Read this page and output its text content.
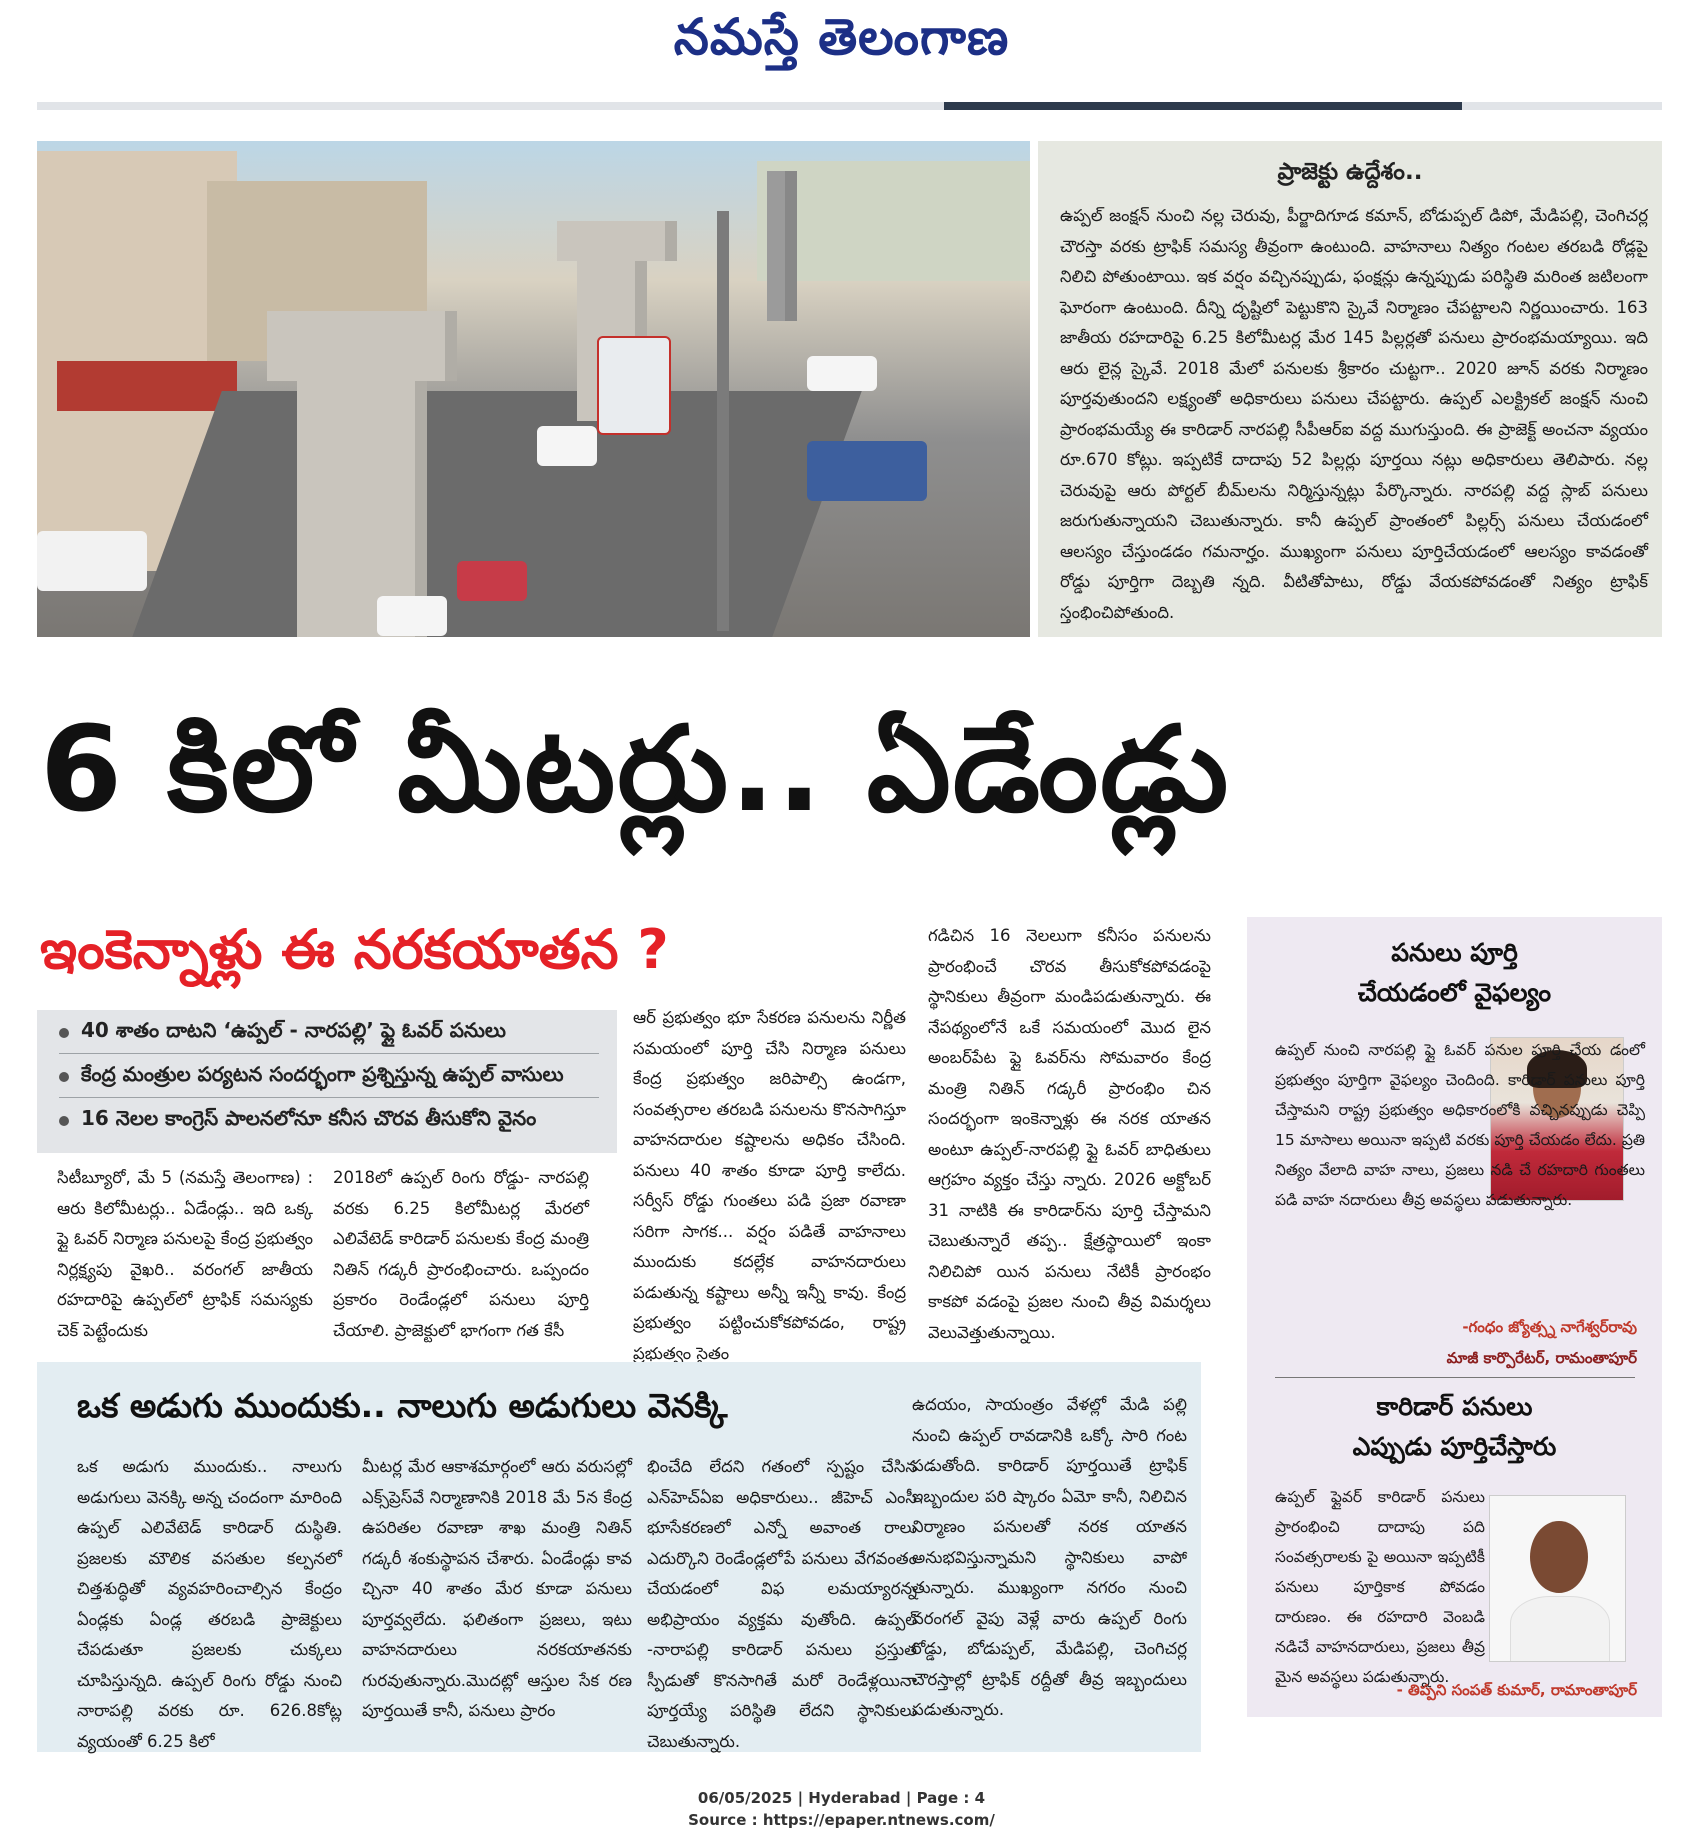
నమస్తే తెలంగాణ
ప్రాజెక్టు ఉద్దేశం..
ఉప్పల్ జంక్షన్ నుంచి నల్ల చెరువు, పీర్జాదిగూడ కమాన్, బోడుప్పల్ డిపో, మేడిపల్లి, చెంగిచర్ల చౌరస్తా వరకు ట్రాఫిక్ సమస్య తీవ్రంగా ఉంటుంది. వాహనాలు నిత్యం గంటల తరబడి రోడ్లపై నిలిచి పోతుంటాయి. ఇక వర్షం వచ్చినప్పుడు, ఫంక్షన్లు ఉన్నప్పుడు పరిస్థితి మరింత జటిలంగా ఘోరంగా ఉంటుంది. దీన్ని దృష్టిలో పెట్టుకొని స్కైవే నిర్మాణం చేపట్టాలని నిర్ణయించారు. 163 జాతీయ రహదారిపై 6.25 కిలోమీటర్ల మేర 145 పిల్లర్లతో పనులు ప్రారంభమయ్యాయి. ఇది ఆరు లైన్ల స్కైవే. 2018 మేలో పనులకు శ్రీకారం చుట్టగా.. 2020 జూన్ వరకు నిర్మాణం పూర్తవుతుందని లక్ష్యంతో అధికారులు పనులు చేపట్టారు. ఉప్పల్ ఎలక్ట్రికల్ జంక్షన్ నుంచి ప్రారంభమయ్యే ఈ కారిడార్ నారపల్లి సీపీఆర్ఐ వద్ద ముగుస్తుంది. ఈ ప్రాజెక్ట్ అంచనా వ్యయం రూ.670 కోట్లు. ఇప్పటికే దాదాపు 52 పిల్లర్లు పూర్తయి నట్లు అధికారులు తెలిపారు. నల్ల చెరువుపై ఆరు పోర్టల్ బీమ్‌లను నిర్మిస్తున్నట్లు పేర్కొన్నారు. నారపల్లి వద్ద స్లాబ్ పనులు జరుగుతున్నాయని చెబుతున్నారు. కానీ ఉప్పల్ ప్రాంతంలో పిల్లర్స్ పనులు చేయడంలో ఆలస్యం చేస్తుండడం గమనార్హం. ముఖ్యంగా పనులు పూర్తిచేయడంలో ఆలస్యం కావడంతో రోడ్డు పూర్తిగా దెబ్బతి న్నది. వీటితోపాటు, రోడ్డు వేయకపోవడంతో నిత్యం ట్రాఫిక్ స్తంభించిపోతుంది.
6 కిలో మీటర్లు.. ఏడేండ్లు
ఇంకెన్నాళ్లు ఈ నరకయాతన ?
40 శాతం దాటని ‘ఉప్పల్ - నారపల్లి’ ఫ్లై ఓవర్ పనులు
కేంద్ర మంత్రుల పర్యటన సందర్భంగా ప్రశ్నిస్తున్న ఉప్పల్ వాసులు
16 నెలల కాంగ్రెస్ పాలనలోనూ కనీస చొరవ తీసుకోని వైనం
సిటీబ్యూరో, మే 5 (నమస్తే తెలంగాణ) : ఆరు కిలోమీటర్లు.. ఏడేండ్లు.. ఇది ఒక్క ఫ్లై ఓవర్ నిర్మాణ పనులపై కేంద్ర ప్రభుత్వం నిర్లక్ష్యపు వైఖరి.. వరంగల్ జాతీయ రహదారిపై ఉప్పల్‌లో ట్రాఫిక్ సమస్యకు చెక్ పెట్టేందుకు
2018లో ఉప్పల్ రింగు రోడ్డు- నారపల్లి వరకు 6.25 కిలోమీటర్ల మేరలో ఎలివేటెడ్ కారిడార్ పనులకు కేంద్ర మంత్రి నితిన్ గడ్కరీ ప్రారంభించారు. ఒప్పందం ప్రకారం రెండేండ్లలో పనులు పూర్తి చేయాలి. ప్రాజెక్టులో భాగంగా గత కేసీ
ఆర్ ప్రభుత్వం భూ సేకరణ పనులను నిర్ణీత సమయంలో పూర్తి చేసి నిర్మాణ పనులు కేంద్ర ప్రభుత్వం జరిపాల్సి ఉండగా, సంవత్సరాల తరబడి పనులను కొనసాగిస్తూ వాహనదారుల కష్టాలను అధికం చేసింది. పనులు 40 శాతం కూడా పూర్తి కాలేదు. సర్వీస్ రోడ్డు గుంతలు పడి ప్రజా రవాణా సరిగా సాగక... వర్షం పడితే వాహనాలు ముందుకు కదల్లేక వాహనదారులు పడుతున్న కష్టాలు అన్నీ ఇన్నీ కావు. కేంద్ర ప్రభుత్వం పట్టించుకోకపోవడం, రాష్ట్ర ప్రభుత్వం సైతం
గడిచిన 16 నెలలుగా కనీసం పనులను ప్రారంభించే చొరవ తీసుకోకపోవడంపై స్థానికులు తీవ్రంగా మండిపడుతున్నారు. ఈ నేపథ్యంలోనే ఒకే సమయంలో మొద లైన అంబర్‌పేట ఫ్లై ఓవర్‌ను సోమవారం కేంద్ర మంత్రి నితిన్ గడ్కరీ ప్రారంభిం చిన సందర్భంగా ఇంకెన్నాళ్లు ఈ నరక యాతన అంటూ ఉప్పల్-నారపల్లి ఫ్లై ఓవర్ బాధితులు ఆగ్రహం వ్యక్తం చేస్తు న్నారు. 2026 అక్టోబర్ 31 నాటికి ఈ కారిడార్‌ను పూర్తి చేస్తామని చెబుతున్నారే తప్ప.. క్షేత్రస్థాయిలో ఇంకా నిలిచిపో యిన పనులు నేటికీ ప్రారంభం కాకపో వడంపై ప్రజల నుంచి తీవ్ర విమర్శలు వెలువెత్తుతున్నాయి.
పనులు పూర్తి
చేయడంలో వైఫల్యం
ఉప్పల్ నుంచి నారపల్లి ఫ్లై ఓవర్ పనుల పూర్తి చేయ డంలో ప్రభుత్వం పూర్తిగా వైఫల్యం చెందింది. కారిడార్ పనులు పూర్తి చేస్తామని రాష్ట్ర ప్రభుత్వం అధికారంలోకి వచ్చినప్పుడు చెప్పి 15 మాసాలు అయినా ఇప్పటి వరకు పూర్తి చేయడం లేదు. ప్రతి నిత్యం వేలాది వాహ నాలు, ప్రజలు నడి చే రహదారి గుంతలు పడి వాహ నదారులు తీవ్ర అవస్థలు పడుతున్నారు.
-గంధం జ్యోత్స్న నాగేశ్వర్‌రావు
మాజీ కార్పొరేటర్, రామంతాపూర్
కారిడార్ పనులు
ఎప్పుడు పూర్తిచేస్తారు
ఉప్పల్ ఫ్లైవర్ కారిడార్ పనులు ప్రారంభించి దాదాపు పది సంవత్సరాలకు పై అయినా ఇప్పటికీ పనులు పూర్తికాక పోవడం దారుణం. ఈ రహదారి వెంబడి నడిచే వాహనదారులు, ప్రజలు తీవ్ర మైన అవస్థలు పడుతున్నారు.
- తిప్పని సంపత్ కుమార్, రామాంతాపూర్
ఒక అడుగు ముందుకు.. నాలుగు అడుగులు వెనక్కి
ఒక అడుగు ముందుకు.. నాలుగు అడుగులు వెనక్కి అన్న చందంగా మారింది ఉప్పల్ ఎలివేటెడ్ కారిడార్ దుస్థితి. ప్రజలకు మౌలిక వసతుల కల్పనలో చిత్తశుద్ధితో వ్యవహరించాల్సిన కేంద్రం ఏండ్లకు ఏండ్ల తరబడి ప్రాజెక్టులు చేపడుతూ ప్రజలకు చుక్కలు చూపిస్తున్నది. ఉప్పల్ రింగు రోడ్డు నుంచి నారాపల్లి వరకు రూ. 626.8కోట్ల వ్యయంతో 6.25 కిలో
మీటర్ల మేర ఆకాశమార్గంలో ఆరు వరుసల్లో ఎక్స్‌ప్రెస్‌వే నిర్మాణానికి 2018 మే 5న కేంద్ర ఉపరితల రవాణా శాఖ మంత్రి నితిన్ గడ్కరీ శంకుస్థాపన చేశారు. ఏండేండ్లు కావ చ్చినా 40 శాతం మేర కూడా పనులు పూర్తవ్వలేదు. ఫలితంగా ప్రజలు, ఇటు వాహనదారులు నరకయాతనకు గురవుతున్నారు.మొదట్లో ఆస్తుల సేక రణ పూర్తయితే కానీ, పనులు ప్రారం
భించేది లేదని గతంలో స్పష్టం చేసిన ఎన్‌హెచ్ఏఐ అధికారులు.. జీహెచ్ ఎంసీ భూసేకరణలో ఎన్నో అవాంత రాలు ఎదుర్కొని రెండేండ్లలోపే పనులు వేగవంతం చేయడంలో విఫ లమయ్యారన్న అభిప్రాయం వ్యక్తమ వుతోంది. ఉప్పల్ -నారాపల్లి కారిడార్ పనులు ప్రస్తుత స్పీడుతో కొనసాగితే మరో రెండేళ్లయినా పూర్తయ్యే పరిస్థితి లేదని స్థానికులు చెబుతున్నారు.
ఉదయం, సాయంత్రం వేళల్లో మేడి పల్లి నుంచి ఉప్పల్ రావడానికి ఒక్కో సారి గంట పడుతోంది. కారిడార్ పూర్తయితే ట్రాఫిక్ ఇబ్బందుల పరి ష్కారం ఏమో కానీ, నిలిచిన నిర్మాణం పనులతో నరక యాతన అనుభవిస్తున్నామని స్థానికులు వాపో తున్నారు. ముఖ్యంగా నగరం నుంచి వరంగల్ వైపు వెళ్లే వారు ఉప్పల్ రింగు రోడ్డు, బోడుప్పల్, మేడిపల్లి, చెంగిచర్ల చౌరస్తాల్లో ట్రాఫిక్ రద్దీతో తీవ్ర ఇబ్బందులు పడుతున్నారు.
06/05/2025 | Hyderabad | Page : 4
Source : https://epaper.ntnews.com/
